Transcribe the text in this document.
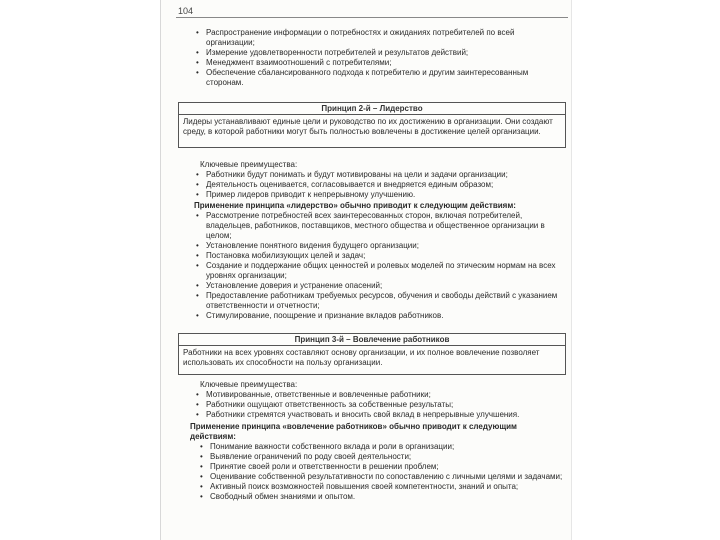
104
• Распространение информации о потребностях и ожиданиях потребителей по всей организации;
• Измерение удовлетворенности потребителей и результатов действий;
• Менеджмент взаимоотношений с потребителями;
• Обеспечение сбалансированного подхода к потребителю и другим заинтересованным сторонам.
Принцип 2-й – Лидерство
Лидеры устанавливают единые цели и руководство по их достижению в организации. Они создают среду, в которой работники могут быть полностью вовлечены в достижение целей организации.
Ключевые преимущества:
• Работники будут понимать и будут мотивированы на цели и задачи организации;
• Деятельность оценивается, согласовывается и внедряется единым образом;
• Пример лидеров приводит к непрерывному улучшению.
Применение принципа «лидерство» обычно приводит к следующим действиям:
• Рассмотрение потребностей всех заинтересованных сторон, включая потребителей, владельцев, работников, поставщиков, местного общества и общественное организации в целом;
• Установление понятного видения будущего организации;
• Постановка мобилизующих целей и задач;
• Создание и поддержание общих ценностей и ролевых моделей по этическим нормам на всех уровнях организации;
• Установление доверия и устранение опасений;
• Предоставление работникам требуемых ресурсов, обучения и свободы действий с указанием ответственности и отчетности;
• Стимулирование, поощрение и признание вкладов работников.
Принцип 3-й – Вовлечение работников
Работники на всех уровнях составляют основу организации, и их полное вовлечение позволяет использовать их способности на пользу организации.
Ключевые преимущества:
• Мотивированные, ответственные и вовлеченные работники;
• Работники ощущают ответственность за собственные результаты;
• Работники стремятся участвовать и вносить свой вклад в непрерывные улучшения.
Применение принципа «вовлечение работников» обычно приводит к следующим действиям:
• Понимание важности собственного вклада и роли в организации;
• Выявление ограничений по роду своей деятельности;
• Принятие своей роли и ответственности в решении проблем;
• Оценивание собственной результативности по сопоставлению с личными целями и задачами;
• Активный поиск возможностей повышения своей компетентности, знаний и опыта;
• Свободный обмен знаниями и опытом.
